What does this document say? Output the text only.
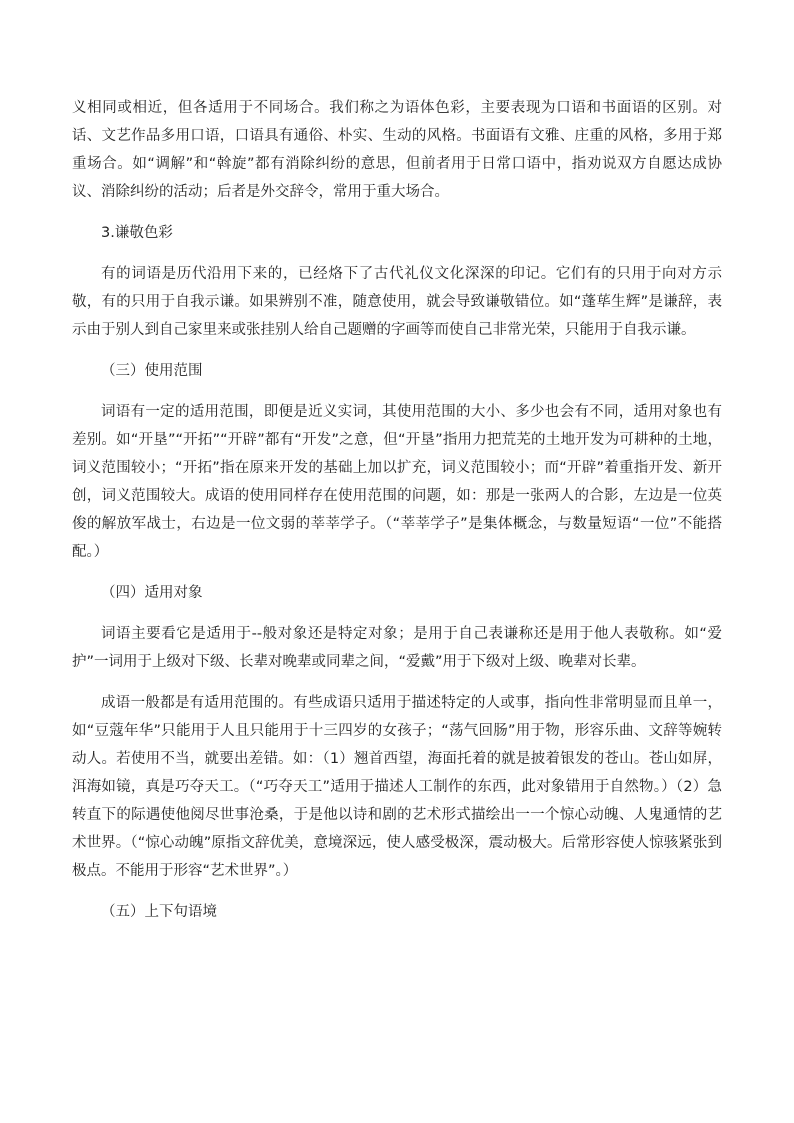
义相同或相近，但各适用于不同场合。我们称之为语体色彩，主要表现为口语和书面语的区别。对话、文艺作品多用口语，口语具有通俗、朴实、生动的风格。书面语有文雅、庄重的风格，多用于郑重场合。如“调解”和“斡旋”都有消除纠纷的意思，但前者用于日常口语中，指劝说双方自愿达成协议、消除纠纷的活动；后者是外交辞令，常用于重大场合。

3.谦敬色彩

有的词语是历代沿用下来的，已经烙下了古代礼仪文化深深的印记。它们有的只用于向对方示敬，有的只用于自我示谦。如果辨别不准，随意使用，就会导致谦敬错位。如“蓬荜生辉”是谦辞，表示由于别人到自己家里来或张挂别人给自己题赠的字画等而使自己非常光荣，只能用于自我示谦。

（三）使用范围

词语有一定的适用范围，即便是近义实词，其使用范围的大小、多少也会有不同，适用对象也有差别。如“开垦”“开拓”“开辟”都有“开发”之意，但“开垦”指用力把荒芜的土地开发为可耕种的土地，词义范围较小；“开拓”指在原来开发的基础上加以扩充，词义范围较小；而“开辟”着重指开发、新开创，词义范围较大。成语的使用同样存在使用范围的问题，如：那是一张两人的合影，左边是一位英俊的解放军战士，右边是一位文弱的莘莘学子。（“莘莘学子”是集体概念，与数量短语“一位”不能搭配。）

（四）适用对象

词语主要看它是适用于--般对象还是特定对象；是用于自己表谦称还是用于他人表敬称。如“爱护”一词用于上级对下级、长辈对晚辈或同辈之间，“爱戴”用于下级对上级、晚辈对长辈。

成语一般都是有适用范围的。有些成语只适用于描述特定的人或事，指向性非常明显而且单一，如“豆蔻年华”只能用于人且只能用于十三四岁的女孩子；“荡气回肠”用于物，形容乐曲、文辞等婉转动人。若使用不当，就要出差错。如：（1）翘首西望，海面托着的就是披着银发的苍山。苍山如屏，洱海如镜，真是巧夺天工。（“巧夺天工”适用于描述人工制作的东西，此对象错用于自然物。）（2）急转直下的际遇使他阅尽世事沧桑，于是他以诗和剧的艺术形式描绘出一一个惊心动魄、人鬼通情的艺术世界。（“惊心动魄”原指文辞优美，意境深远，使人感受极深，震动极大。后常形容使人惊骇紧张到极点。不能用于形容“艺术世界”。）

（五）上下句语境
